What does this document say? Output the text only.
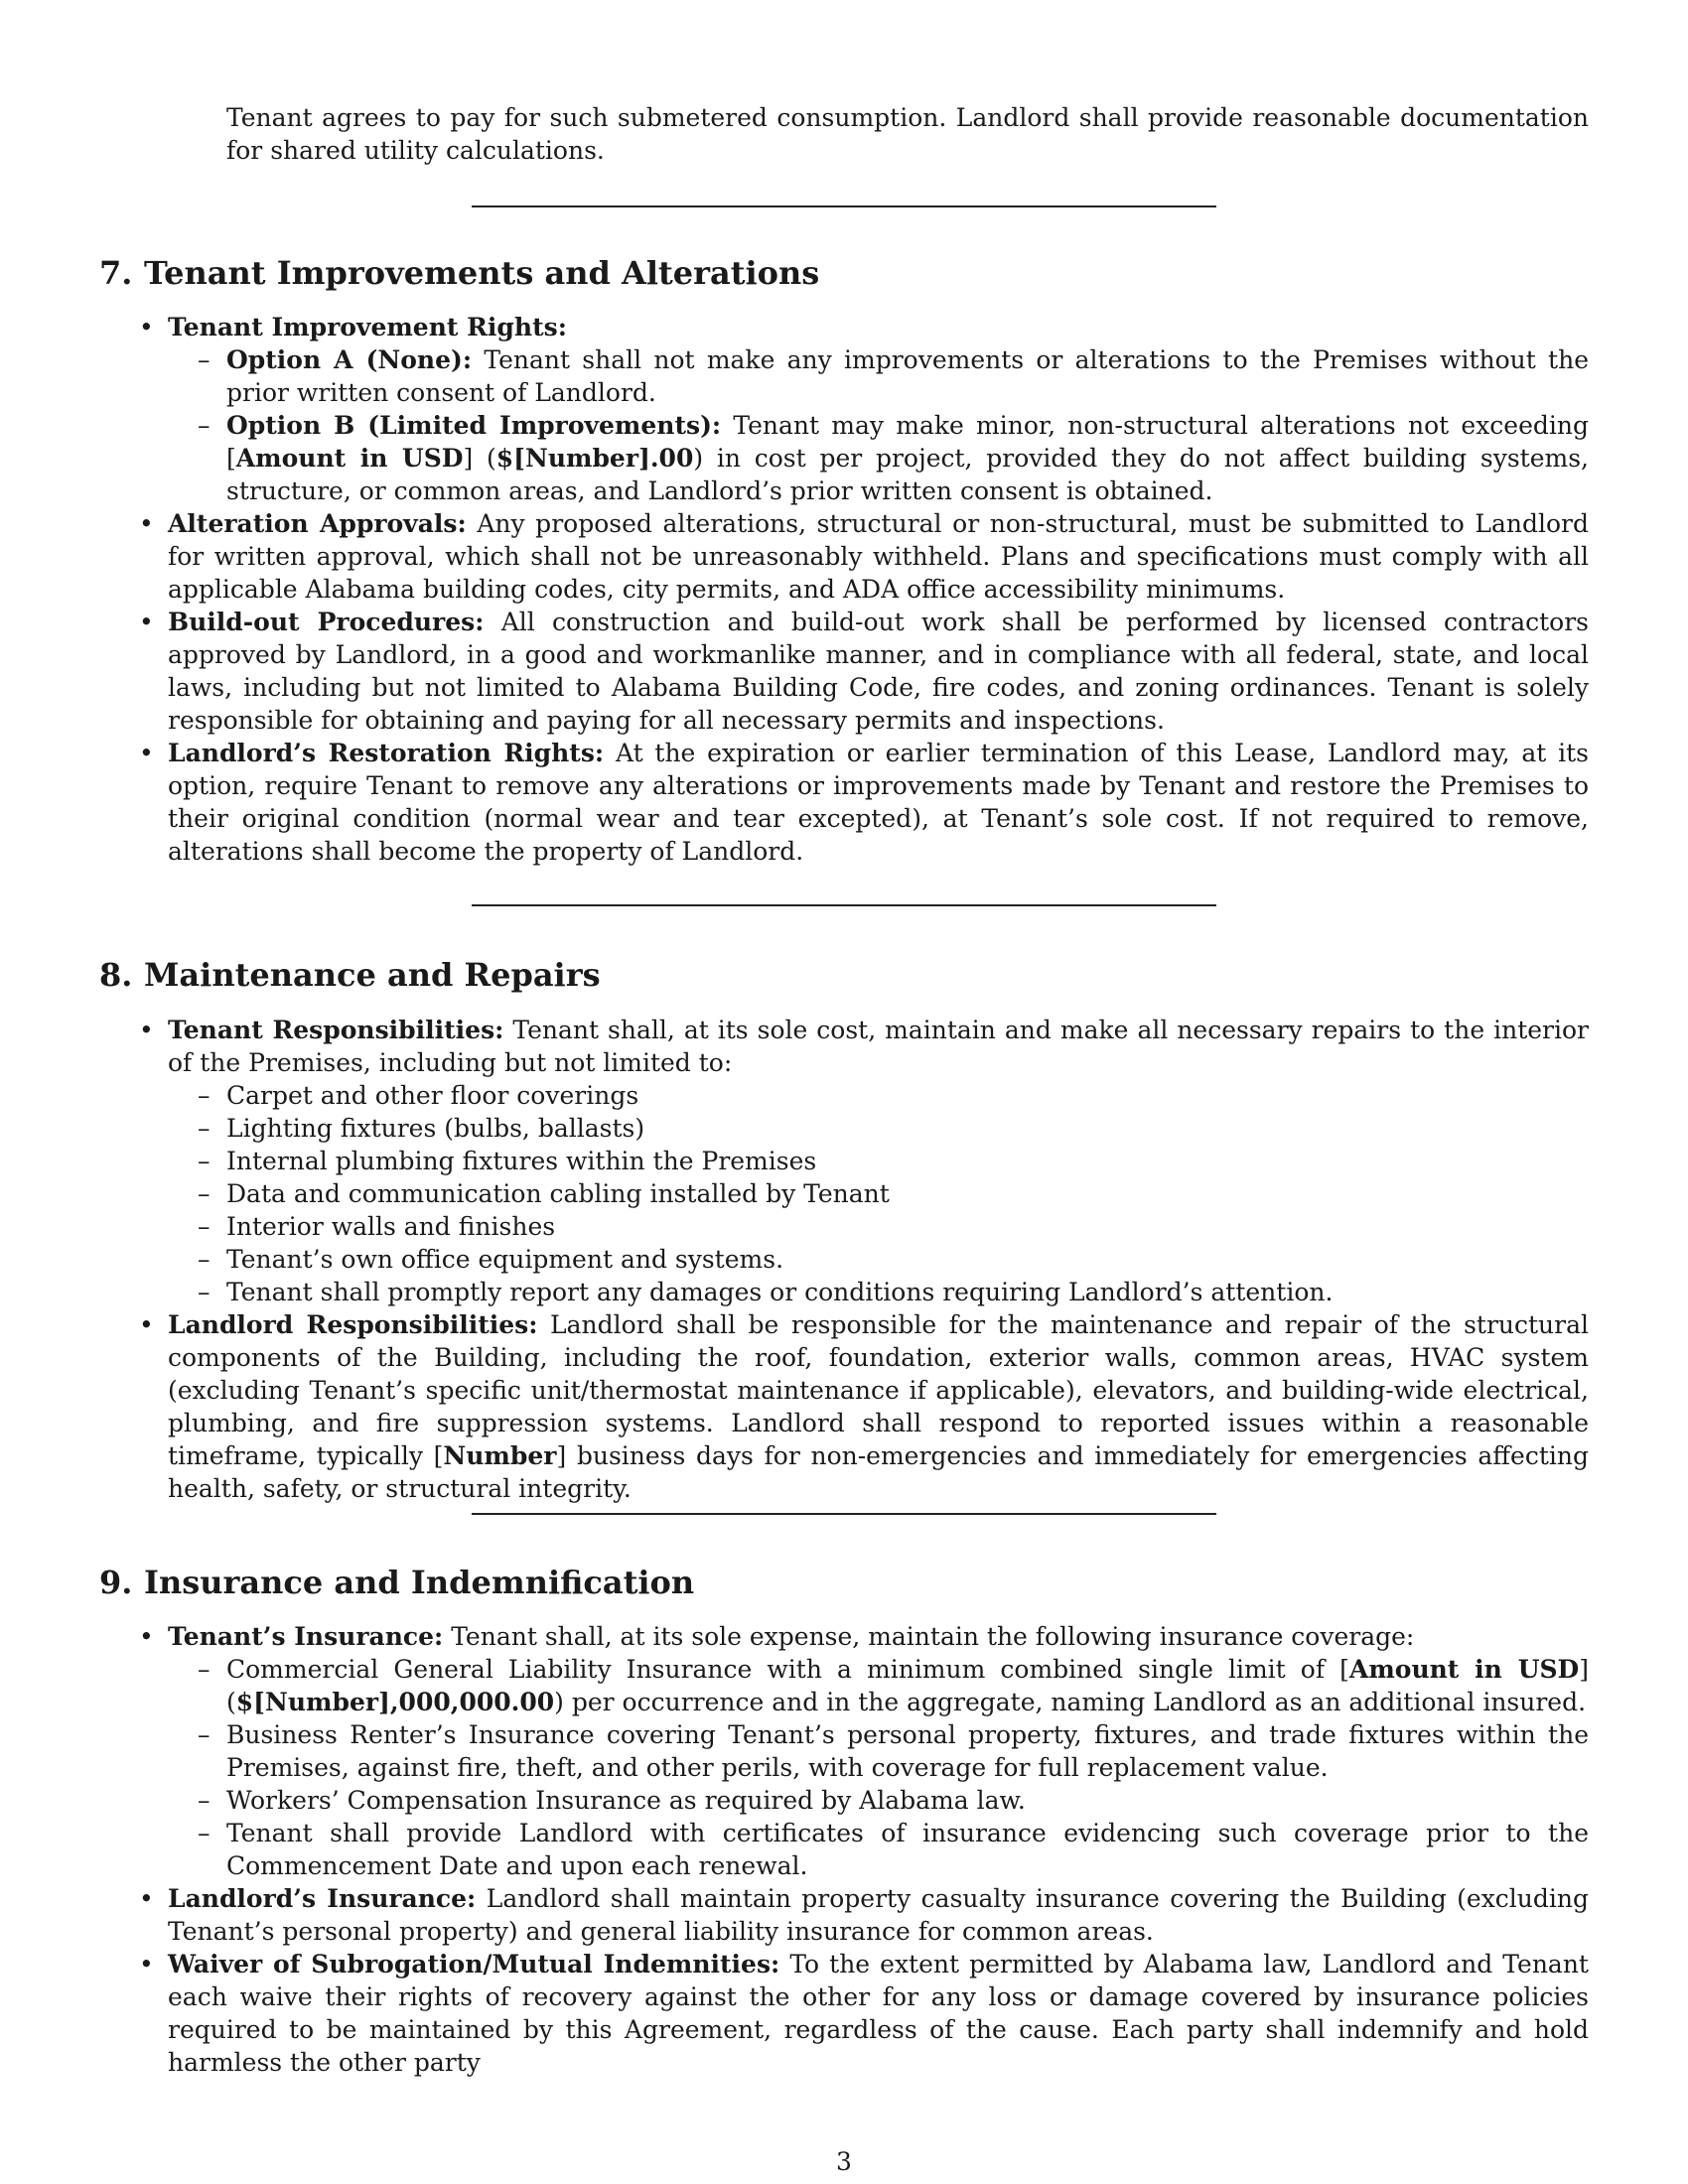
Tenant agrees to pay for such submetered consumption. Landlord shall provide reasonable documentation for shared utility calculations.

7. Tenant Improvements and Alterations
• Tenant Improvement Rights:
– Option A (None): Tenant shall not make any improvements or alterations to the Premises without the prior written consent of Landlord.
– Option B (Limited Improvements): Tenant may make minor, non-structural alterations not exceeding [Amount in USD] ($[Number].00) in cost per project, provided they do not affect building systems, structure, or common areas, and Landlord’s prior written consent is obtained.
• Alteration Approvals: Any proposed alterations, structural or non-structural, must be submitted to Landlord for written approval, which shall not be unreasonably withheld. Plans and specifications must comply with all applicable Alabama building codes, city permits, and ADA office accessibility minimums.
• Build-out Procedures: All construction and build-out work shall be performed by licensed contractors approved by Landlord, in a good and workmanlike manner, and in compliance with all federal, state, and local laws, including but not limited to Alabama Building Code, fire codes, and zoning ordinances. Tenant is solely responsible for obtaining and paying for all necessary permits and inspections.
• Landlord’s Restoration Rights: At the expiration or earlier termination of this Lease, Landlord may, at its option, require Tenant to remove any alterations or improvements made by Tenant and restore the Premises to their original condition (normal wear and tear excepted), at Tenant’s sole cost. If not required to remove, alterations shall become the property of Landlord.
8. Maintenance and Repairs
• Tenant Responsibilities: Tenant shall, at its sole cost, maintain and make all necessary repairs to the interior of the Premises, including but not limited to:
– Carpet and other floor coverings
– Lighting fixtures (bulbs, ballasts)
– Internal plumbing fixtures within the Premises
– Data and communication cabling installed by Tenant
– Interior walls and finishes
– Tenant’s own office equipment and systems.
– Tenant shall promptly report any damages or conditions requiring Landlord’s attention.
• Landlord Responsibilities: Landlord shall be responsible for the maintenance and repair of the structural components of the Building, including the roof, foundation, exterior walls, common areas, HVAC system (excluding Tenant’s specific unit/thermostat maintenance if applicable), elevators, and building-wide electrical, plumbing, and fire suppression systems. Landlord shall respond to reported issues within a reasonable timeframe, typically [Number] business days for non-emergencies and immediately for emergencies affecting health, safety, or structural integrity.
9. Insurance and Indemnification
• Tenant’s Insurance: Tenant shall, at its sole expense, maintain the following insurance coverage:
– Commercial General Liability Insurance with a minimum combined single limit of [Amount in USD] ($[Number],000,000.00) per occurrence and in the aggregate, naming Landlord as an additional insured.
– Business Renter’s Insurance covering Tenant’s personal property, fixtures, and trade fixtures within the Premises, against fire, theft, and other perils, with coverage for full replacement value.
– Workers’ Compensation Insurance as required by Alabama law.
– Tenant shall provide Landlord with certificates of insurance evidencing such coverage prior to the Commencement Date and upon each renewal.
• Landlord’s Insurance: Landlord shall maintain property casualty insurance covering the Building (excluding Tenant’s personal property) and general liability insurance for common areas.
• Waiver of Subrogation/Mutual Indemnities: To the extent permitted by Alabama law, Landlord and Tenant each waive their rights of recovery against the other for any loss or damage covered by insurance policies required to be maintained by this Agreement, regardless of the cause. Each party shall indemnify and hold harmless the other party
3
